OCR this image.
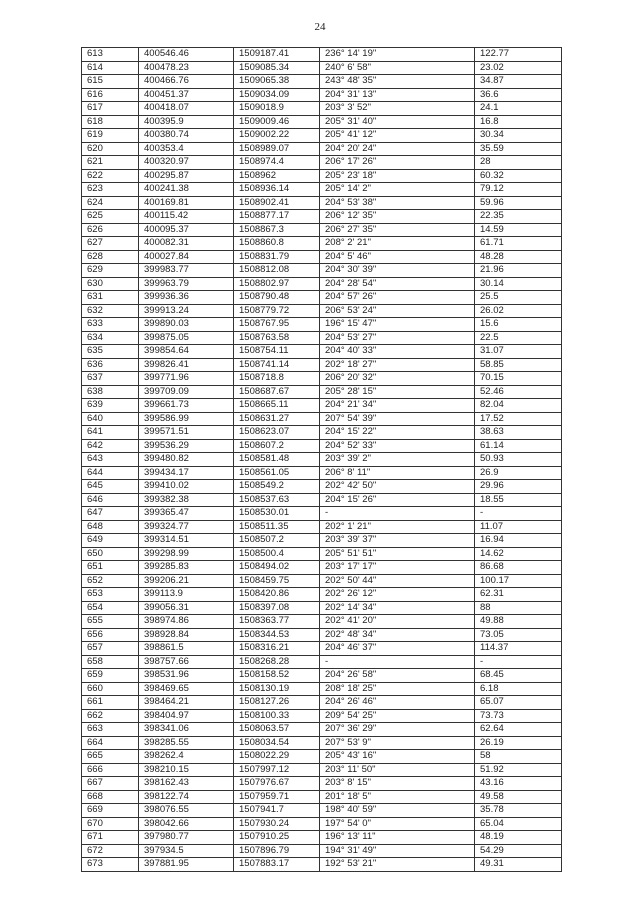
24
613	400546.46	1509187.41	236° 14' 19"	122.77
614	400478.23	1509085.34	240° 6' 58"	23.02
615	400466.76	1509065.38	243° 48' 35"	34.87
616	400451.37	1509034.09	204° 31' 13"	36.6
617	400418.07	1509018.9	203° 3' 52"	24.1
618	400395.9	1509009.46	205° 31' 40"	16.8
619	400380.74	1509002.22	205° 41' 12"	30.34
620	400353.4	1508989.07	204° 20' 24"	35.59
621	400320.97	1508974.4	206° 17' 26"	28
622	400295.87	1508962	205° 23' 18"	60.32
623	400241.38	1508936.14	205° 14' 2"	79.12
624	400169.81	1508902.41	204° 53' 38"	59.96
625	400115.42	1508877.17	206° 12' 35"	22.35
626	400095.37	1508867.3	206° 27' 35"	14.59
627	400082.31	1508860.8	208° 2' 21"	61.71
628	400027.84	1508831.79	204° 5' 46"	48.28
629	399983.77	1508812.08	204° 30' 39"	21.96
630	399963.79	1508802.97	204° 28' 54"	30.14
631	399936.36	1508790.48	204° 57' 26"	25.5
632	399913.24	1508779.72	206° 53' 24"	26.02
633	399890.03	1508767.95	196° 15' 47"	15.6
634	399875.05	1508763.58	204° 53' 27"	22.5
635	399854.64	1508754.11	204° 40' 33"	31.07
636	399826.41	1508741.14	202° 18' 27"	58.85
637	399771.96	1508718.8	206° 20' 32"	70.15
638	399709.09	1508687.67	205° 28' 15"	52.46
639	399661.73	1508665.11	204° 21' 34"	82.04
640	399586.99	1508631.27	207° 54' 39"	17.52
641	399571.51	1508623.07	204° 15' 22"	38.63
642	399536.29	1508607.2	204° 52' 33"	61.14
643	399480.82	1508581.48	203° 39' 2"	50.93
644	399434.17	1508561.05	206° 8' 11"	26.9
645	399410.02	1508549.2	202° 42' 50"	29.96
646	399382.38	1508537.63	204° 15' 26"	18.55
647	399365.47	1508530.01	-	-
648	399324.77	1508511.35	202° 1' 21"	11.07
649	399314.51	1508507.2	203° 39' 37"	16.94
650	399298.99	1508500.4	205° 51' 51"	14.62
651	399285.83	1508494.02	203° 17' 17"	86.68
652	399206.21	1508459.75	202° 50' 44"	100.17
653	399113.9	1508420.86	202° 26' 12"	62.31
654	399056.31	1508397.08	202° 14' 34"	88
655	398974.86	1508363.77	202° 41' 20"	49.88
656	398928.84	1508344.53	202° 48' 34"	73.05
657	398861.5	1508316.21	204° 46' 37"	114.37
658	398757.66	1508268.28	-	-
659	398531.96	1508158.52	204° 26' 58"	68.45
660	398469.65	1508130.19	208° 18' 25"	6.18
661	398464.21	1508127.26	204° 26' 46"	65.07
662	398404.97	1508100.33	209° 54' 25"	73.73
663	398341.06	1508063.57	207° 36' 29"	62.64
664	398285.55	1508034.54	207° 53' 9"	26.19
665	398262.4	1508022.29	205° 43' 16"	58
666	398210.15	1507997.12	203° 11' 50"	51.92
667	398162.43	1507976.67	203° 8' 15"	43.16
668	398122.74	1507959.71	201° 18' 5"	49.58
669	398076.55	1507941.7	198° 40' 59"	35.78
670	398042.66	1507930.24	197° 54' 0"	65.04
671	397980.77	1507910.25	196° 13' 11"	48.19
672	397934.5	1507896.79	194° 31' 49"	54.29
673	397881.95	1507883.17	192° 53' 21"	49.31
